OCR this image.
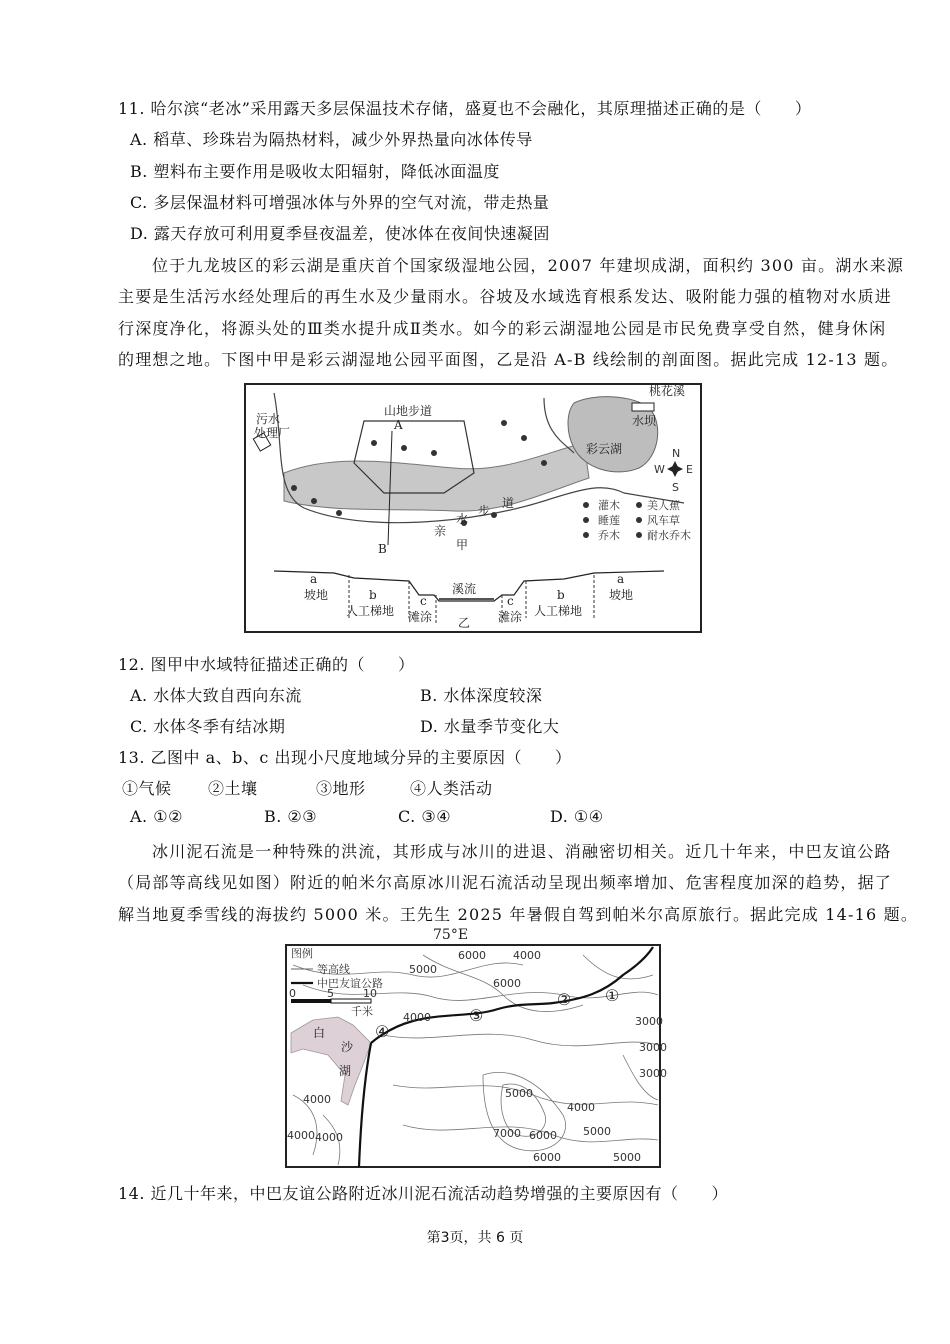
11. 哈尔滨“老冰”采用露天多层保温技术存储，盛夏也不会融化，其原理描述正确的是（　　）
A. 稻草、珍珠岩为隔热材料，减少外界热量向冰体传导
B. 塑料布主要作用是吸收太阳辐射，降低冰面温度
C. 多层保温材料可增强冰体与外界的空气对流，带走热量
D. 露天存放可利用夏季昼夜温差，使冰体在夜间快速凝固
位于九龙坡区的彩云湖是重庆首个国家级湿地公园，2007 年建坝成湖，面积约 300 亩。湖水来源
主要是生活污水经处理后的再生水及少量雨水。谷坡及水域选育根系发达、吸附能力强的植物对水质进
行深度净化，将源头处的Ⅲ类水提升成Ⅱ类水。如今的彩云湖湿地公园是市民免费享受自然，健身休闲
的理想之地。下图中甲是彩云湖湿地公园平面图，乙是沿 A-B 线绘制的剖面图。据此完成 12-13 题。
污水
处理厂
山地步道
桃花溪
水坝
彩云湖	N
S
W E
A
B
亲
水
步
道
甲
灌木 美人蕉
睡莲 风车草
乔木 耐水乔木
a
坡地	b
人工梯地
c
滩涂
溪流
乙
c
滩涂
b
人工梯地
a
坡地
12. 图甲中水域特征描述正确的（　　）
A. 水体大致自西向东流	B. 水体深度较深
C. 水体冬季有结冰期	D. 水量季节变化大
13. 乙图中 a、b、c 出现小尺度地域分异的主要原因（　　）
①气候 ②土壤	③地形	④人类活动
A. ①②	B. ②③	C. ③④	D. ①④
冰川泥石流是一种特殊的洪流，其形成与冰川的进退、消融密切相关。近几十年来，中巴友谊公路
（局部等高线见如图）附近的帕米尔高原冰川泥石流活动呈现出频率增加、危害程度加深的趋势，据了
解当地夏季雪线的海拔约 5000 米。王先生 2025 年暑假自驾到帕米尔高原旅行。据此完成 14-16 题。
75°E
图例
等高线
中巴友谊公路
0	5	10
千米
白
沙
湖
①
②
③
④
5000
6000 4000
6000
4000	3000
3000
3000
5000
4000
4000
4000 4000	7000 6000 5000
5000
6000
14. 近几十年来，中巴友谊公路附近冰川泥石流活动趋势增强的主要原因有（　　）
第3页，共 6 页
